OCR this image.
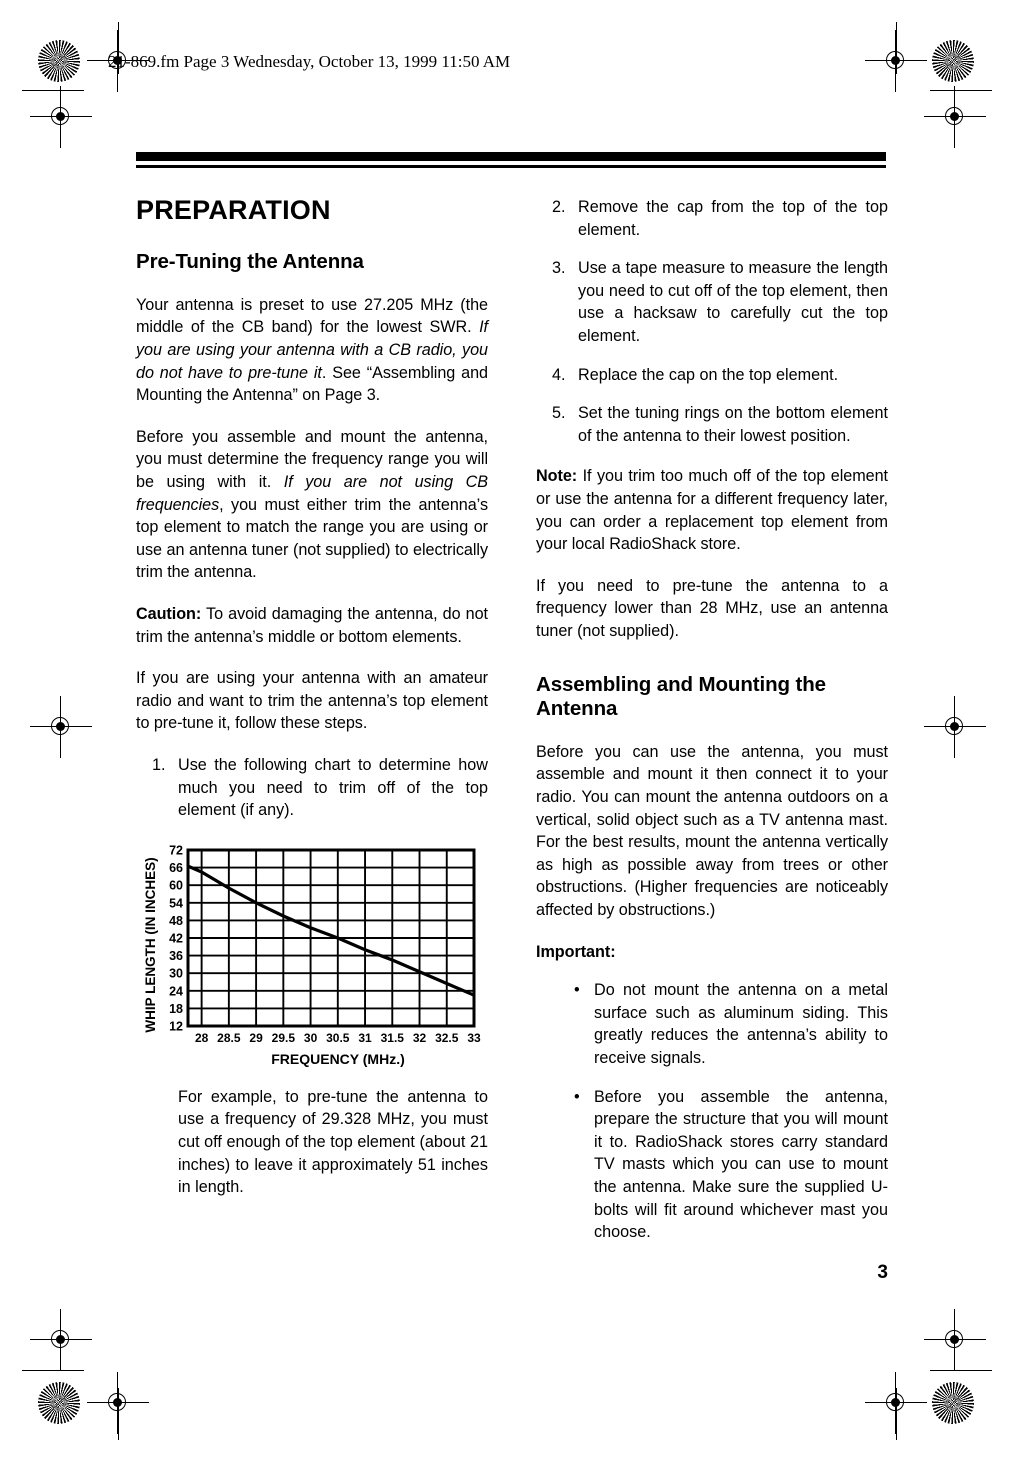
21-869.fm Page 3 Wednesday, October 13, 1999 11:50 AM
PREPARATION
Pre-Tuning the Antenna

Your antenna is preset to use 27.205 MHz (the middle of the CB band) for the lowest SWR. If you are using your antenna with a CB radio, you do not have to pre-tune it. See “Assembling and Mounting the Antenna” on Page 3.

Before you assemble and mount the antenna, you must determine the frequency range you will be using with it. If you are not using CB frequencies, you must either trim the antenna’s top element to match the range you are using or use an antenna tuner (not supplied) to electrically trim the antenna.

Caution: To avoid damaging the antenna, do not trim the antenna’s middle or bottom elements.

If you are using your antenna with an amateur radio and want to trim the antenna’s top element to pre-tune it, follow these steps.

1. Use the following chart to determine how much you need to trim off of the top element (if any).
28 28.5 29 29.5 30 30.5 31 31.5 32 32.5 33
12
18
24
30
36
42
48
54
60
66
72
FREQUENCY (MHz.)
WHIP LENGTH (IN INCHES)
For example, to pre-tune the antenna to use a frequency of 29.328 MHz, you must cut off enough of the top element (about 21 inches) to leave it approximately 51 inches in length.
2. Remove the cap from the top of the top element.
3. Use a tape measure to measure the length you need to cut off of the top element, then use a hacksaw to carefully cut the top element.
4. Replace the cap on the top element.
5. Set the tuning rings on the bottom element of the antenna to their lowest position.

Note: If you trim too much off of the top element or use the antenna for a different frequency later, you can order a replacement top element from your local RadioShack store.

If you need to pre-tune the antenna to a frequency lower than 28 MHz, use an antenna tuner (not supplied).

Assembling and Mounting the Antenna

Before you can use the antenna, you must assemble and mount it then connect it to your radio. You can mount the antenna outdoors on a vertical, solid object such as a TV antenna mast. For the best results, mount the antenna vertically as high as possible away from trees or other obstructions. (Higher frequencies are noticeably affected by obstructions.)

Important:

• Do not mount the antenna on a metal surface such as aluminum siding. This greatly reduces the antenna’s ability to receive signals.
• Before you assemble the antenna, prepare the structure that you will mount it to. RadioShack stores carry standard TV masts which you can use to mount the antenna. Make sure the supplied U-bolts will fit around whichever mast you choose.
3
